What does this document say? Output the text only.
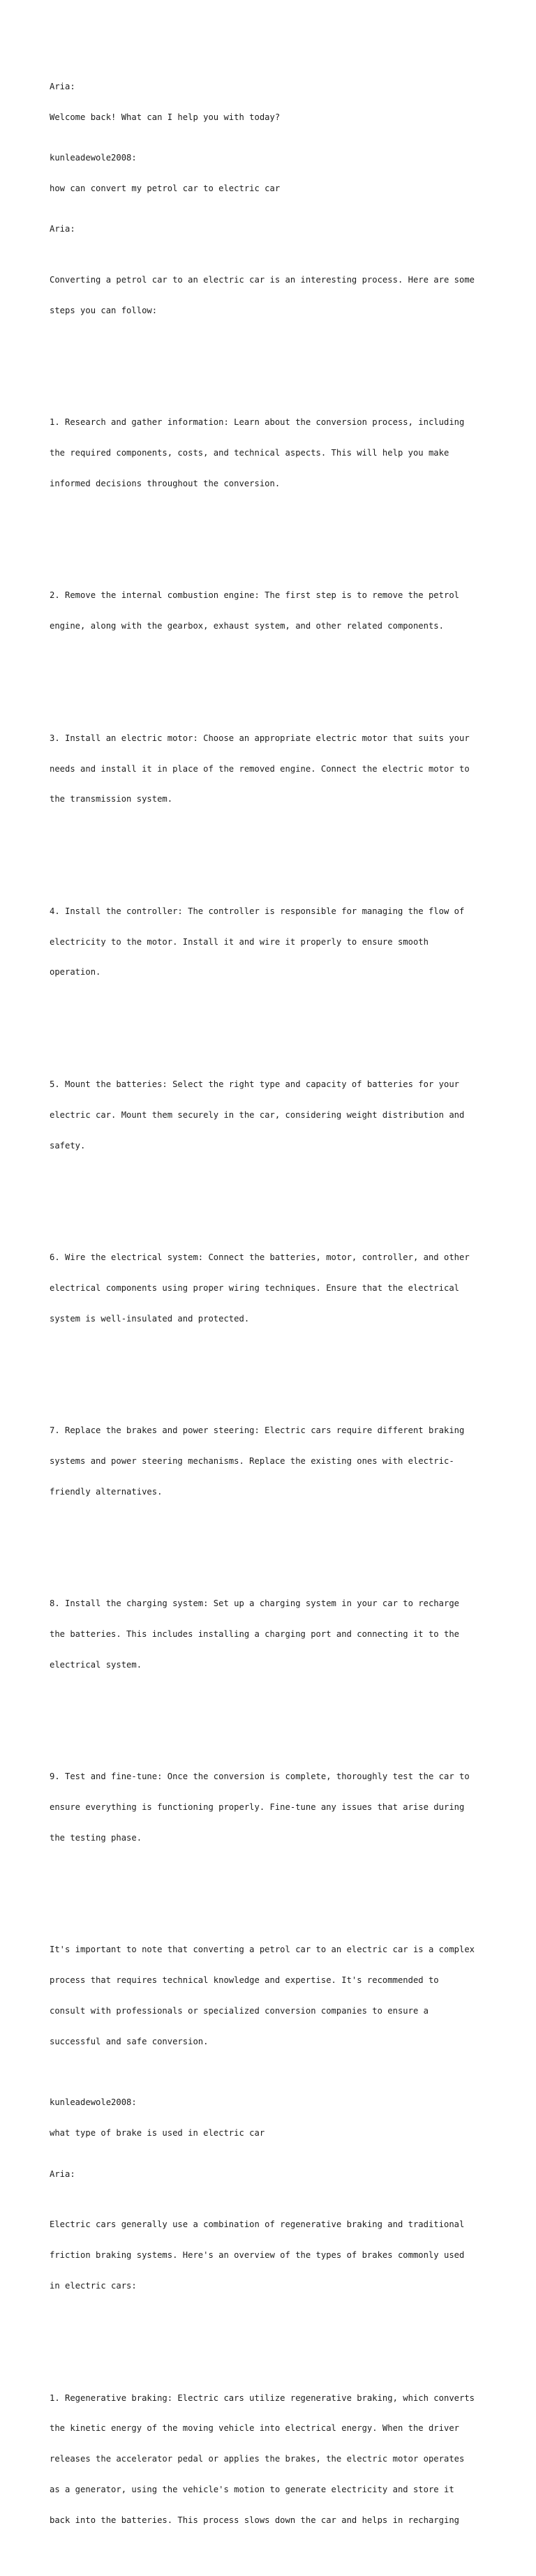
Aria:

Welcome back! What can I help you with today?

kunleadewole2008:

how can convert my petrol car to electric car

Aria:

Converting a petrol car to an electric car is an interesting process. Here are some

steps you can follow:

1. Research and gather information: Learn about the conversion process, including

the required components, costs, and technical aspects. This will help you make

informed decisions throughout the conversion.

2. Remove the internal combustion engine: The first step is to remove the petrol

engine, along with the gearbox, exhaust system, and other related components.

3. Install an electric motor: Choose an appropriate electric motor that suits your

needs and install it in place of the removed engine. Connect the electric motor to

the transmission system.

4. Install the controller: The controller is responsible for managing the flow of

electricity to the motor. Install it and wire it properly to ensure smooth

operation.

5. Mount the batteries: Select the right type and capacity of batteries for your

electric car. Mount them securely in the car, considering weight distribution and

safety.

6. Wire the electrical system: Connect the batteries, motor, controller, and other

electrical components using proper wiring techniques. Ensure that the electrical

system is well-insulated and protected.

7. Replace the brakes and power steering: Electric cars require different braking

systems and power steering mechanisms. Replace the existing ones with electric-

friendly alternatives.

8. Install the charging system: Set up a charging system in your car to recharge

the batteries. This includes installing a charging port and connecting it to the

electrical system.

9. Test and fine-tune: Once the conversion is complete, thoroughly test the car to

ensure everything is functioning properly. Fine-tune any issues that arise during

the testing phase.

It's important to note that converting a petrol car to an electric car is a complex

process that requires technical knowledge and expertise. It's recommended to

consult with professionals or specialized conversion companies to ensure a

successful and safe conversion.

kunleadewole2008:

what type of brake is used in electric car

Aria:

Electric cars generally use a combination of regenerative braking and traditional

friction braking systems. Here's an overview of the types of brakes commonly used

in electric cars:

1. Regenerative braking: Electric cars utilize regenerative braking, which converts

the kinetic energy of the moving vehicle into electrical energy. When the driver

releases the accelerator pedal or applies the brakes, the electric motor operates

as a generator, using the vehicle's motion to generate electricity and store it

back into the batteries. This process slows down the car and helps in recharging
